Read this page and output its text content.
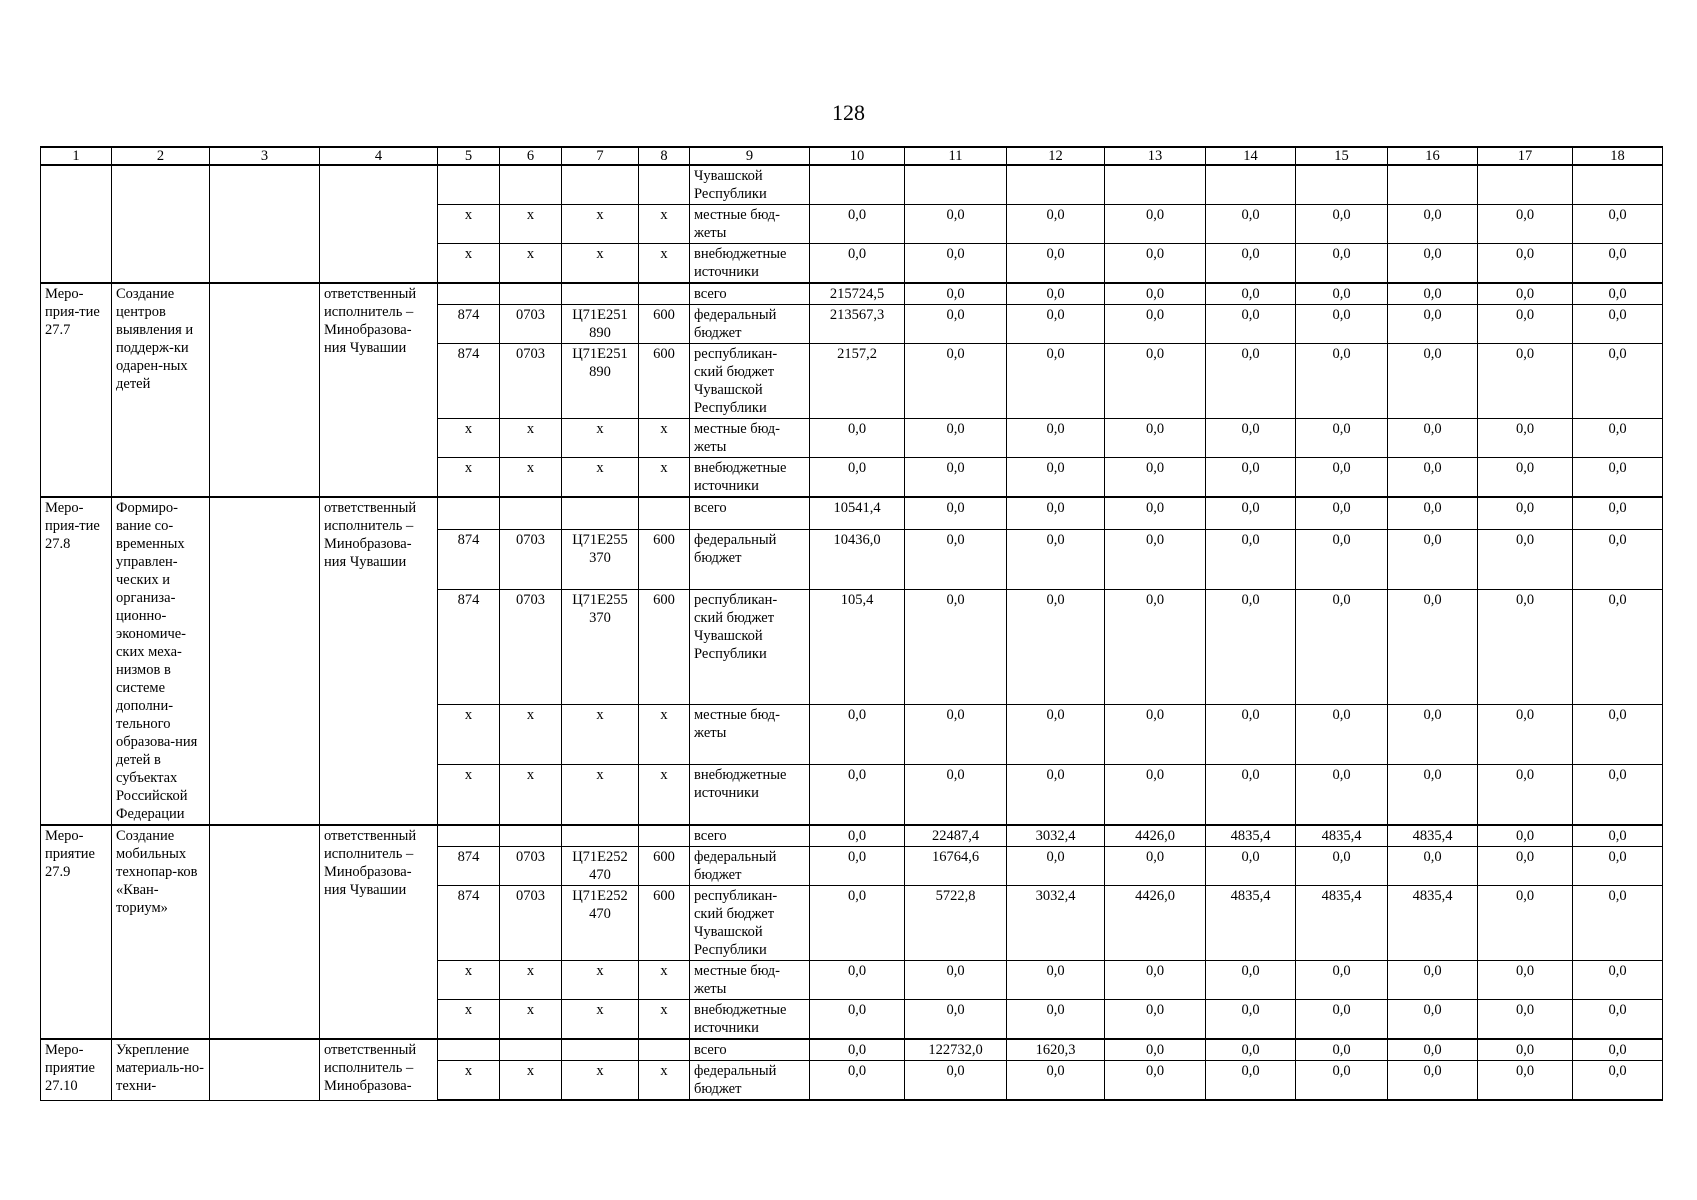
128
1	2	3	4	5	6	7	8	9	10	11	12	13	14	15	16	17	18
								Чувашской Республики									
				x	x	x	x	местные бюд-жеты	0,0	0,0	0,0	0,0	0,0	0,0	0,0	0,0	0,0
				x	x	x	x	внебюджетные источники	0,0	0,0	0,0	0,0	0,0	0,0	0,0	0,0	0,0
Меро-прия-тие 27.7	Создание центров выявления и поддерж-ки одарен-ных детей		ответственный исполнитель – Минобразова-ния Чувашии					всего	215724,5	0,0	0,0	0,0	0,0	0,0	0,0	0,0	0,0
				874	0703	Ц71Е251 890	600	федеральный бюджет	213567,3	0,0	0,0	0,0	0,0	0,0	0,0	0,0	0,0
				874	0703	Ц71Е251 890	600	республикан-ский бюджет Чувашской Республики	2157,2	0,0	0,0	0,0	0,0	0,0	0,0	0,0	0,0
				x	x	x	x	местные бюд-жеты	0,0	0,0	0,0	0,0	0,0	0,0	0,0	0,0	0,0
				x	x	x	x	внебюджетные источники	0,0	0,0	0,0	0,0	0,0	0,0	0,0	0,0	0,0
Меро-прия-тие 27.8	Формиро-вание со-временных управлен-ческих и организа-ционно-экономиче-ских меха-низмов в системе дополни-тельного образова-ния детей в субъектах Российской Федерации		ответственный исполнитель – Минобразова-ния Чувашии					всего	10541,4	0,0	0,0	0,0	0,0	0,0	0,0	0,0	0,0
				874	0703	Ц71Е255 370	600	федеральный бюджет	10436,0	0,0	0,0	0,0	0,0	0,0	0,0	0,0	0,0
				874	0703	Ц71Е255 370	600	республикан-ский бюджет Чувашской Республики	105,4	0,0	0,0	0,0	0,0	0,0	0,0	0,0	0,0
				x	x	x	x	местные бюд-жеты	0,0	0,0	0,0	0,0	0,0	0,0	0,0	0,0	0,0
				x	x	x	x	внебюджетные источники	0,0	0,0	0,0	0,0	0,0	0,0	0,0	0,0	0,0
Меро-приятие 27.9	Создание мобильных технопар-ков «Кван-ториум»		ответственный исполнитель – Минобразова-ния Чувашии					всего	0,0	22487,4	3032,4	4426,0	4835,4	4835,4	4835,4	0,0	0,0
				874	0703	Ц71Е252 470	600	федеральный бюджет	0,0	16764,6	0,0	0,0	0,0	0,0	0,0	0,0	0,0
				874	0703	Ц71Е252 470	600	республикан-ский бюджет Чувашской Республики	0,0	5722,8	3032,4	4426,0	4835,4	4835,4	4835,4	0,0	0,0
				x	x	x	x	местные бюд-жеты	0,0	0,0	0,0	0,0	0,0	0,0	0,0	0,0	0,0
				x	x	x	x	внебюджетные источники	0,0	0,0	0,0	0,0	0,0	0,0	0,0	0,0	0,0
Меро-приятие 27.10	Укрепление материаль-но-техни-		ответственный исполнитель – Минобразова-					всего	0,0	122732,0	1620,3	0,0	0,0	0,0	0,0	0,0	0,0
				x	x	x	x	федеральный бюджет	0,0	0,0	0,0	0,0	0,0	0,0	0,0	0,0	0,0
